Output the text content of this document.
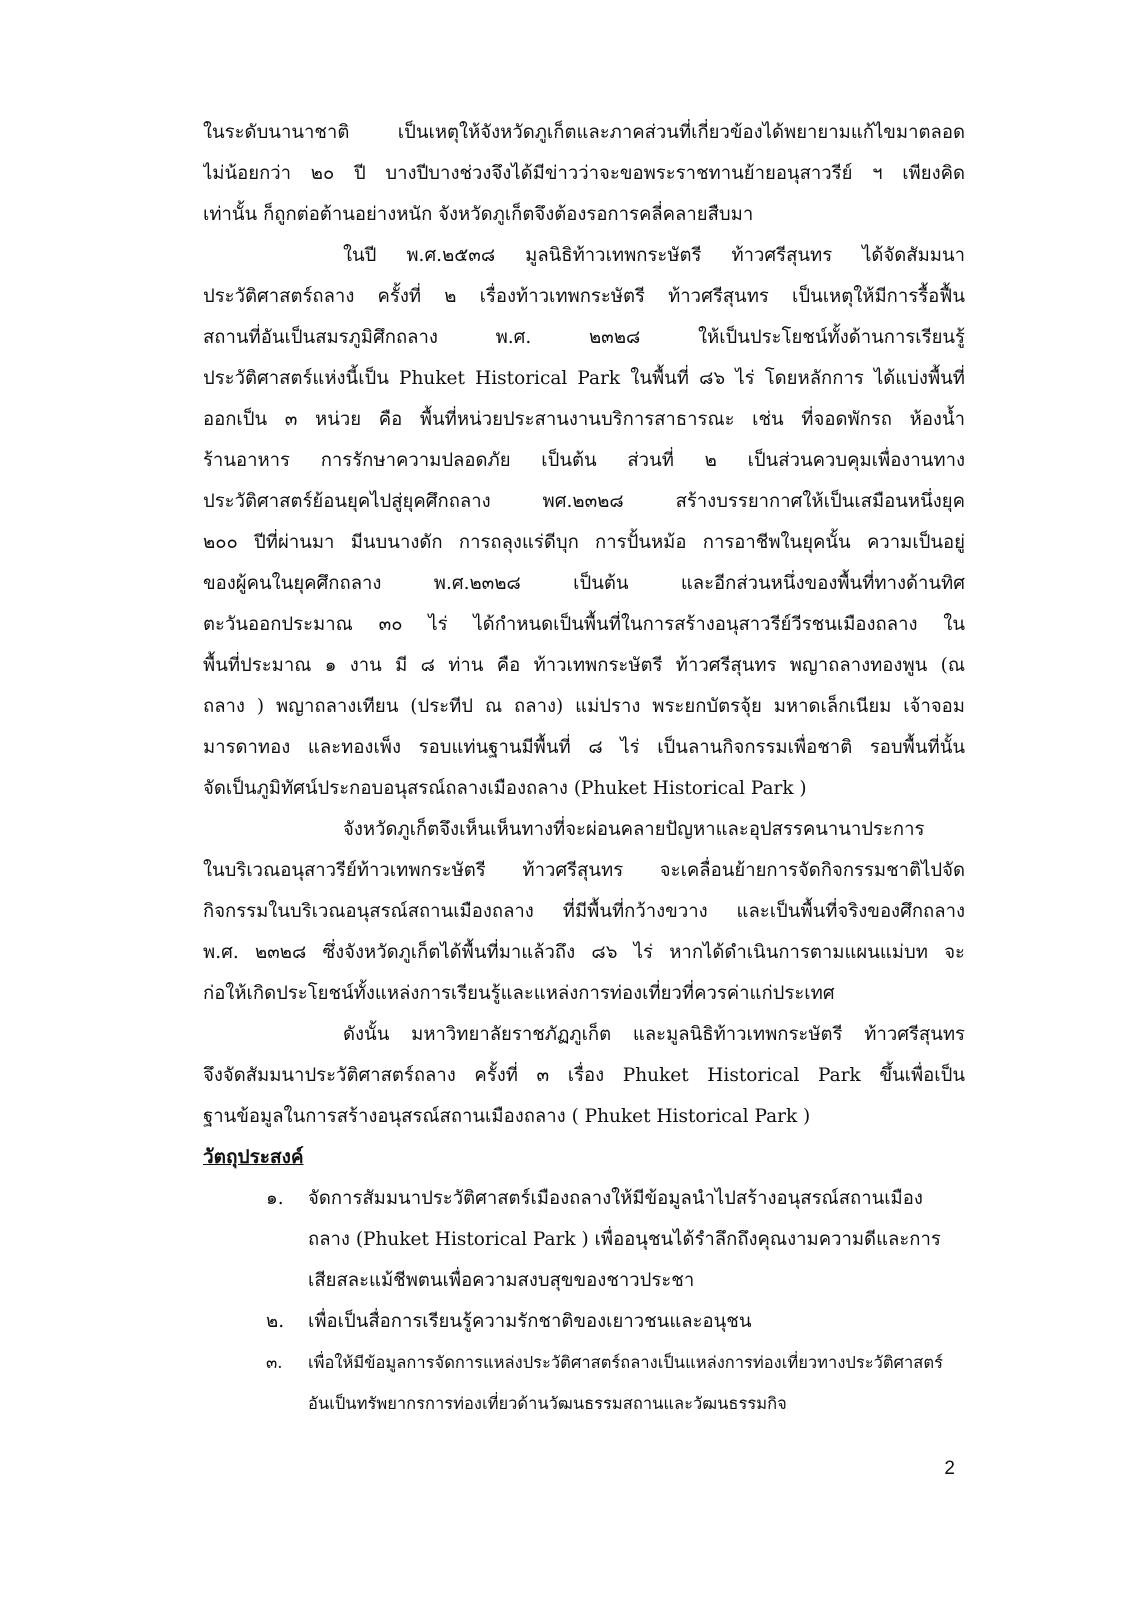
ในระดับนานาชาติ เป็นเหตุให้จังหวัดภูเก็ตและภาคส่วนที่เกี่ยวข้องได้พยายามแก้ไขมาตลอด
ไม่น้อยกว่า ๒๐ ปี บางปีบางช่วงจึงได้มีข่าวว่าจะขอพระราชทานย้ายอนุสาวรีย์ ฯ เพียงคิด
เท่านั้น ก็ถูกต่อต้านอย่างหนัก จังหวัดภูเก็ตจึงต้องรอการคลี่คลายสืบมา
ในปี พ.ศ.๒๕๓๘ มูลนิธิท้าวเทพกระษัตรี ท้าวศรีสุนทร ได้จัดสัมมนา
ประวัติศาสตร์ถลาง ครั้งที่ ๒ เรื่องท้าวเทพกระษัตรี ท้าวศรีสุนทร เป็นเหตุให้มีการรื้อฟื้น
สถานที่อันเป็นสมรภูมิศึกถลาง พ.ศ. ๒๓๒๘ ให้เป็นประโยชน์ทั้งด้านการเรียนรู้
ประวัติศาสตร์แห่งนี้เป็น Phuket Historical Park ในพื้นที่ ๘๖ ไร่ โดยหลักการ ได้แบ่งพื้นที่
ออกเป็น ๓ หน่วย คือ พื้นที่หน่วยประสานงานบริการสาธารณะ เช่น ที่จอดพักรถ ห้องน้ำ
ร้านอาหาร การรักษาความปลอดภัย เป็นต้น ส่วนที่ ๒ เป็นส่วนควบคุมเพื่องานทาง
ประวัติศาสตร์ย้อนยุคไปสู่ยุคศึกถลาง พศ.๒๓๒๘ สร้างบรรยากาศให้เป็นเสมือนหนึ่งยุค
๒๐๐ ปีที่ผ่านมา มีนบนางดัก การถลุงแร่ดีบุก การปั้นหม้อ การอาชีพในยุคนั้น ความเป็นอยู่
ของผู้คนในยุคศึกถลาง พ.ศ.๒๓๒๘ เป็นต้น และอีกส่วนหนึ่งของพื้นที่ทางด้านทิศ
ตะวันออกประมาณ ๓๐ ไร่ ได้กำหนดเป็นพื้นที่ในการสร้างอนุสาวรีย์วีรชนเมืองถลาง ใน
พื้นที่ประมาณ ๑ งาน มี ๘ ท่าน คือ ท้าวเทพกระษัตรี ท้าวศรีสุนทร พญาถลางทองพูน (ณ
ถลาง ) พญาถลางเทียน (ประทีป ณ ถลาง) แม่ปราง พระยกบัตรจุ้ย มหาดเล็กเนียม เจ้าจอม
มารดาทอง และทองเพ็ง รอบแท่นฐานมีพื้นที่ ๘ ไร่ เป็นลานกิจกรรมเพื่อชาติ รอบพื้นที่นั้น
จัดเป็นภูมิทัศน์ประกอบอนุสรณ์ถลางเมืองถลาง (Phuket Historical Park )
จังหวัดภูเก็ตจึงเห็นเห็นทางที่จะผ่อนคลายปัญหาและอุปสรรคนานาประการ
ในบริเวณอนุสาวรีย์ท้าวเทพกระษัตรี ท้าวศรีสุนทร จะเคลื่อนย้ายการจัดกิจกรรมชาติไปจัด
กิจกรรมในบริเวณอนุสรณ์สถานเมืองถลาง ที่มีพื้นที่กว้างขวาง และเป็นพื้นที่จริงของศึกถลาง
พ.ศ. ๒๓๒๘ ซึ่งจังหวัดภูเก็ตได้พื้นที่มาแล้วถึง ๘๖ ไร่ หากได้ดำเนินการตามแผนแม่บท จะ
ก่อให้เกิดประโยชน์ทั้งแหล่งการเรียนรู้และแหล่งการท่องเที่ยวที่ควรค่าแก่ประเทศ
ดังนั้น มหาวิทยาลัยราชภัฏภูเก็ต และมูลนิธิท้าวเทพกระษัตรี ท้าวศรีสุนทร
จึงจัดสัมมนาประวัติศาสตร์ถลาง ครั้งที่ ๓ เรื่อง Phuket Historical Park ขึ้นเพื่อเป็น
ฐานข้อมูลในการสร้างอนุสรณ์สถานเมืองถลาง ( Phuket Historical Park )
วัตถุประสงค์
๑. จัดการสัมมนาประวัติศาสตร์เมืองถลางให้มีข้อมูลนำไปสร้างอนุสรณ์สถานเมือง
ถลาง (Phuket Historical Park ) เพื่ออนุชนได้รำลึกถึงคุณงามความดีและการ
เสียสละแม้ชีพตนเพื่อความสงบสุขของชาวประชา
๒. เพื่อเป็นสื่อการเรียนรู้ความรักชาติของเยาวชนและอนุชน
๓. เพื่อให้มีข้อมูลการจัดการแหล่งประวัติศาสตร์ถลางเป็นแหล่งการท่องเที่ยวทางประวัติศาสตร์
อันเป็นทรัพยากรการท่องเที่ยวด้านวัฒนธรรมสถานและวัฒนธรรมกิจ
2
